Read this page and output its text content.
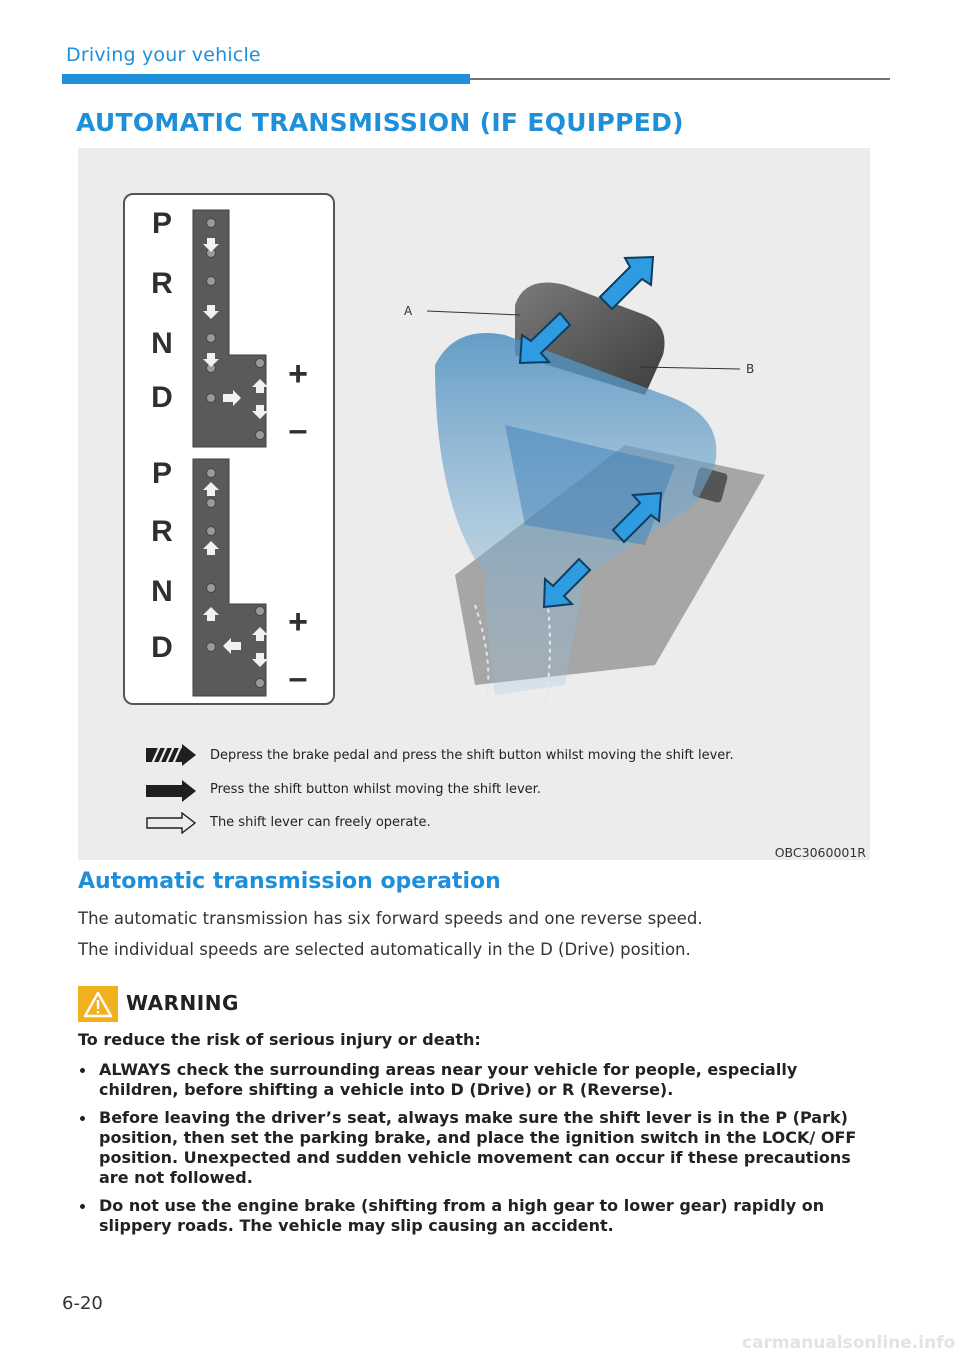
Driving your vehicle
AUTOMATIC TRANSMISSION (IF EQUIPPED)
P
R
N
D
+
–
P
R
N
D
+
–
A
B
Depress the brake pedal and press the shift button whilst moving the shift lever.
Press the shift button whilst moving the shift lever.
The shift lever can freely operate.
OBC3060001R
Automatic transmission operation
The automatic transmission has six forward speeds and one reverse speed.
The individual speeds are selected automatically in the D (Drive) position.
WARNING
To reduce the risk of serious injury or death:
ALWAYS check the surrounding areas near your vehicle for people, especially children, before shifting a vehicle into D (Drive) or R (Reverse).
Before leaving the driver’s seat, always make sure the shift lever is in the P (Park) position, then set the parking brake, and place the ignition switch in the LOCK/ OFF position. Unexpected and sudden vehicle movement can occur if these precautions are not followed.
Do not use the engine brake (shifting from a high gear to lower gear) rapidly on slippery roads. The vehicle may slip causing an accident.
6-20
carmanualsonline.info
